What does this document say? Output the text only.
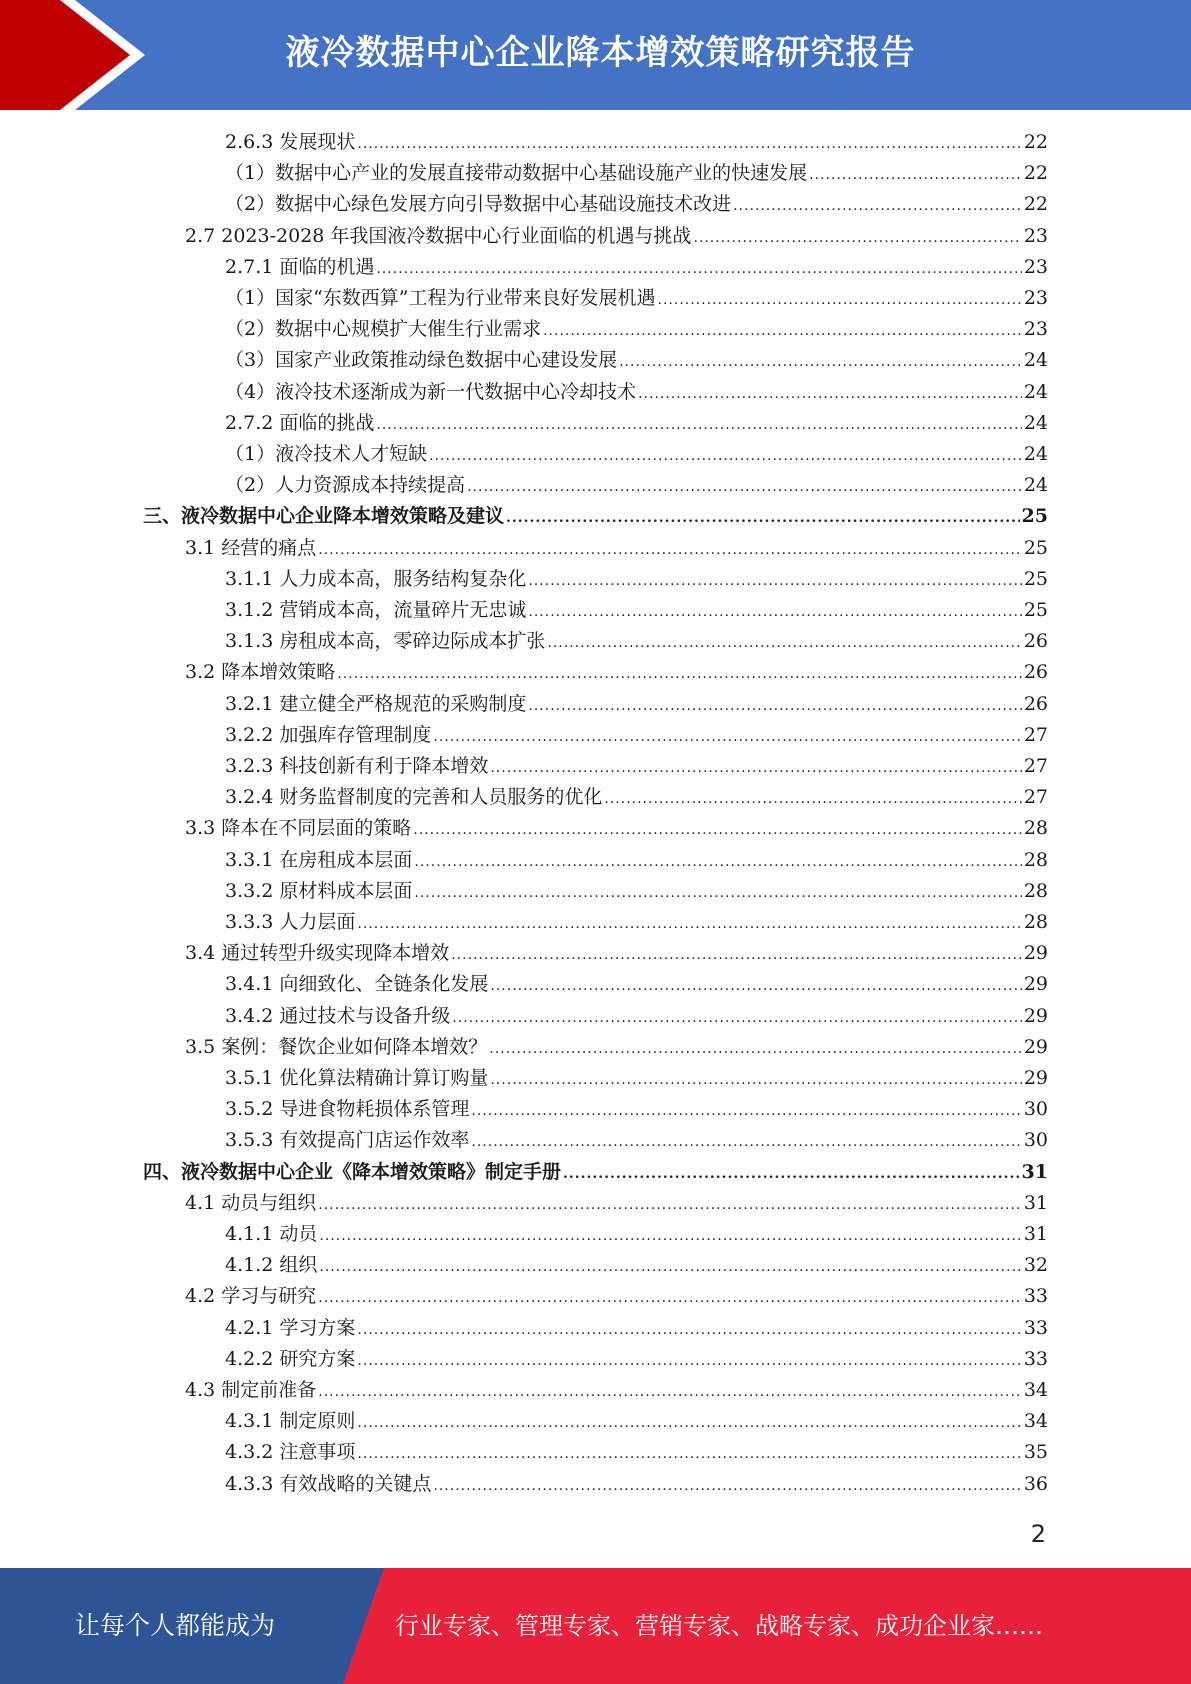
液冷数据中心企业降本增效策略研究报告
2.6.3 发展现状 .....	22
（1）数据中心产业的发展直接带动数据中心基础设施产业的快速发展 .....	22
（2）数据中心绿色发展方向引导数据中心基础设施技术改进 .....	22
2.7 2023-2028 年我国液冷数据中心行业面临的机遇与挑战 .....	23
2.7.1 面临的机遇 .....	23
（1）国家“东数西算”工程为行业带来良好发展机遇 .....	23
（2）数据中心规模扩大催生行业需求 .....	23
（3）国家产业政策推动绿色数据中心建设发展 .....	24
（4）液冷技术逐渐成为新一代数据中心冷却技术 .....	24
2.7.2 面临的挑战 .....	24
（1）液冷技术人才短缺 .....	24
（2）人力资源成本持续提高 .....	24
三、液冷数据中心企业降本增效策略及建议 .....	25
3.1 经营的痛点 .....	25
3.1.1 人力成本高，服务结构复杂化 .....	25
3.1.2 营销成本高，流量碎片无忠诚 .....	25
3.1.3 房租成本高，零碎边际成本扩张 .....	26
3.2 降本增效策略 .....	26
3.2.1 建立健全严格规范的采购制度 .....	26
3.2.2 加强库存管理制度 .....	27
3.2.3 科技创新有利于降本增效 .....	27
3.2.4 财务监督制度的完善和人员服务的优化 .....	27
3.3 降本在不同层面的策略 .....	28
3.3.1 在房租成本层面 .....	28
3.3.2 原材料成本层面 .....	28
3.3.3 人力层面 .....	28
3.4 通过转型升级实现降本增效 .....	29
3.4.1 向细致化、全链条化发展 .....	29
3.4.2 通过技术与设备升级 .....	29
3.5 案例：餐饮企业如何降本增效？ .....	29
3.5.1 优化算法精确计算订购量 .....	29
3.5.2 导进食物耗损体系管理 .....	30
3.5.3 有效提高门店运作效率 .....	30
四、液冷数据中心企业《降本增效策略》制定手册 .....	31
4.1 动员与组织 .....	31
4.1.1 动员 .....	31
4.1.2 组织 .....	32
4.2 学习与研究 .....	33
4.2.1 学习方案 .....	33
4.2.2 研究方案 .....	33
4.3 制定前准备 .....	34
4.3.1 制定原则 .....	34
4.3.2 注意事项 .....	35
4.3.3 有效战略的关键点 .....	36
2
让每个人都能成为	行业专家、管理专家、营销专家、战略专家、成功企业家……
